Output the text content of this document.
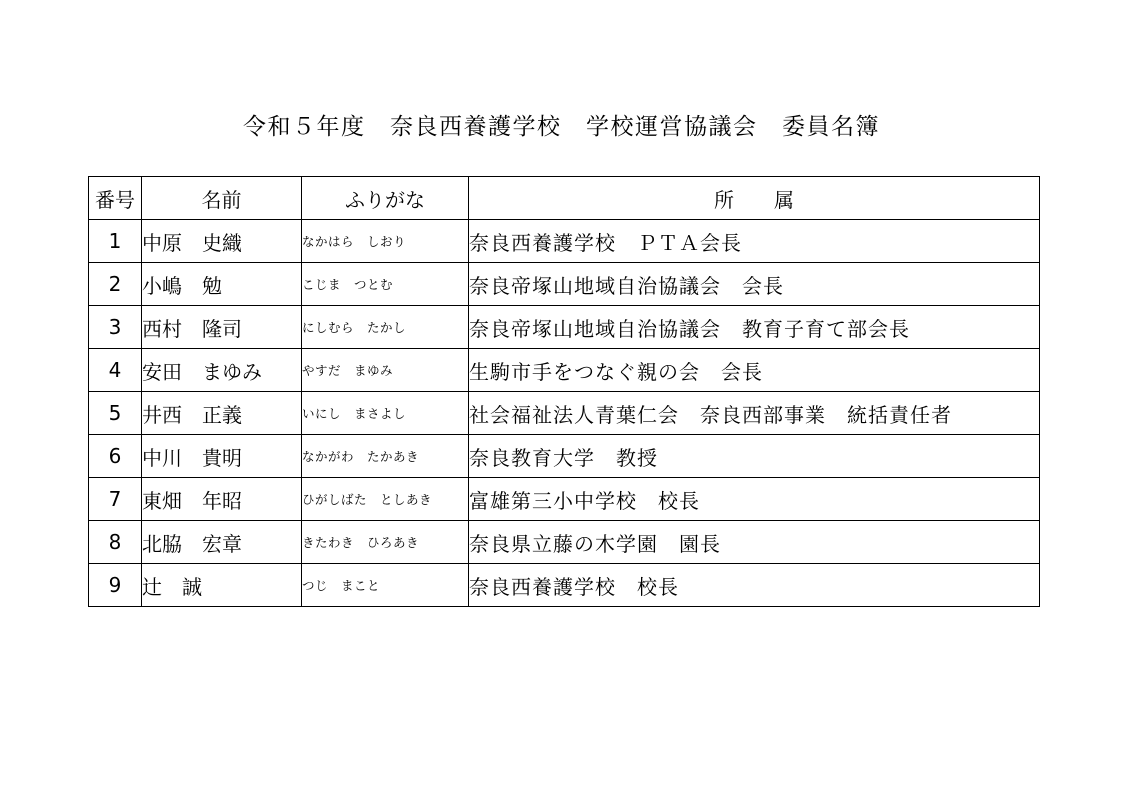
令和５年度　奈良西養護学校　学校運営協議会　委員名簿
番号	名前	ふりがな	所　　属
1	中原　史織	なかはら　しおり	奈良西養護学校　ＰＴＡ会長
2	小嶋　勉	こじま　つとむ	奈良帝塚山地域自治協議会　会長
3	西村　隆司	にしむら　たかし	奈良帝塚山地域自治協議会　教育子育て部会長
4	安田　まゆみ	やすだ　まゆみ	生駒市手をつなぐ親の会　会長
5	井西　正義	いにし　まさよし	社会福祉法人青葉仁会　奈良西部事業　統括責任者
6	中川　貴明	なかがわ　たかあき	奈良教育大学　教授
7	東畑　年昭	ひがしばた　としあき	富雄第三小中学校　校長
8	北脇　宏章	きたわき　ひろあき	奈良県立藤の木学園　園長
9	辻　誠	つじ　まこと	奈良西養護学校　校長
